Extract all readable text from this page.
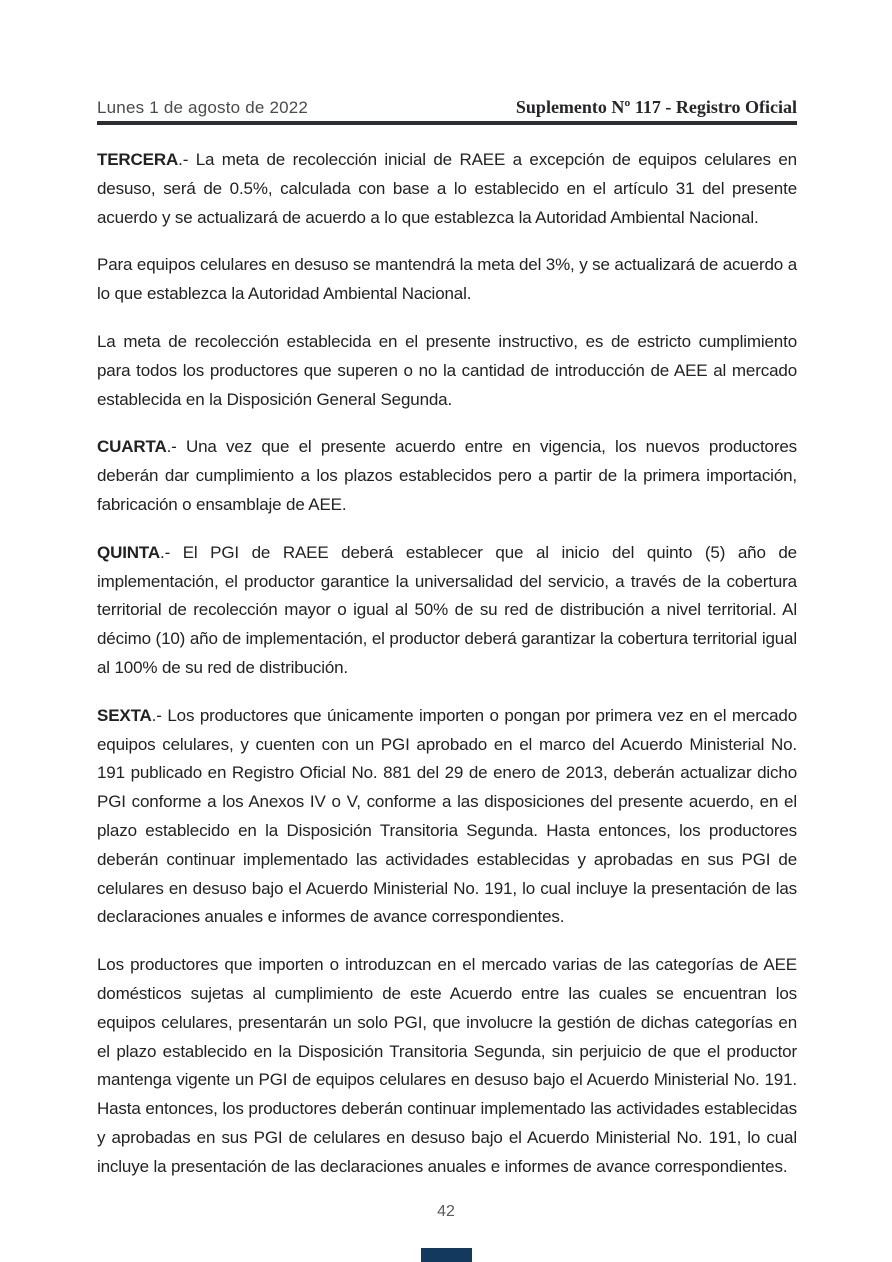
Lunes 1 de agosto de 2022	Suplemento Nº 117 - Registro Oficial

TERCERA.- La meta de recolección inicial de RAEE a excepción de equipos celulares en desuso, será de 0.5%, calculada con base a lo establecido en el artículo 31 del presente acuerdo y se actualizará de acuerdo a lo que establezca la Autoridad Ambiental Nacional.

Para equipos celulares en desuso se mantendrá la meta del 3%, y se actualizará de acuerdo a lo que establezca la Autoridad Ambiental Nacional.

La meta de recolección establecida en el presente instructivo, es de estricto cumplimiento para todos los productores que superen o no la cantidad de introducción de AEE al mercado establecida en la Disposición General Segunda.

CUARTA.- Una vez que el presente acuerdo entre en vigencia, los nuevos productores deberán dar cumplimiento a los plazos establecidos pero a partir de la primera importación, fabricación o ensamblaje de AEE.

QUINTA.- El PGI de RAEE deberá establecer que al inicio del quinto (5) año de implementación, el productor garantice la universalidad del servicio, a través de la cobertura territorial de recolección mayor o igual al 50% de su red de distribución a nivel territorial. Al décimo (10) año de implementación, el productor deberá garantizar la cobertura territorial igual al 100% de su red de distribución.

SEXTA.- Los productores que únicamente importen o pongan por primera vez en el mercado equipos celulares, y cuenten con un PGI aprobado en el marco del Acuerdo Ministerial No. 191 publicado en Registro Oficial No. 881 del 29 de enero de 2013, deberán actualizar dicho PGI conforme a los Anexos IV o V, conforme a las disposiciones del presente acuerdo, en el plazo establecido en la Disposición Transitoria Segunda. Hasta entonces, los productores deberán continuar implementado las actividades establecidas y aprobadas en sus PGI de celulares en desuso bajo el Acuerdo Ministerial No. 191, lo cual incluye la presentación de las declaraciones anuales e informes de avance correspondientes.

Los productores que importen o introduzcan en el mercado varias de las categorías de AEE domésticos sujetas al cumplimiento de este Acuerdo entre las cuales se encuentran los equipos celulares, presentarán un solo PGI, que involucre la gestión de dichas categorías en el plazo establecido en la Disposición Transitoria Segunda, sin perjuicio de que el productor mantenga vigente un PGI de equipos celulares en desuso bajo el Acuerdo Ministerial No. 191. Hasta entonces, los productores deberán continuar implementado las actividades establecidas y aprobadas en sus PGI de celulares en desuso bajo el Acuerdo Ministerial No. 191, lo cual incluye la presentación de las declaraciones anuales e informes de avance correspondientes.

42
